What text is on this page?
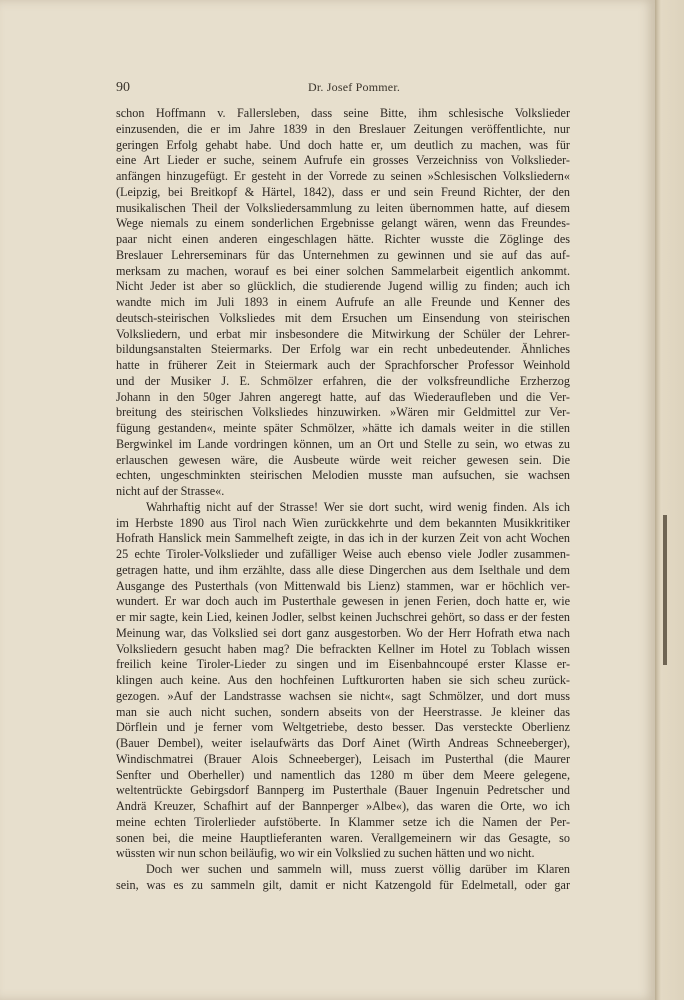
90	Dr. Josef Pommer.
schon Hoffmann v. Fallersleben, dass seine Bitte, ihm schlesische Volkslieder
einzusenden, die er im Jahre 1839 in den Breslauer Zeitungen veröffentlichte, nur
geringen Erfolg gehabt habe. Und doch hatte er, um deutlich zu machen, was für
eine Art Lieder er suche, seinem Aufrufe ein grosses Verzeichniss von Volkslieder-
anfängen hinzugefügt. Er gesteht in der Vorrede zu seinen »Schlesischen Volksliedern«
(Leipzig, bei Breitkopf & Härtel, 1842), dass er und sein Freund Richter, der den
musikalischen Theil der Volksliedersammlung zu leiten übernommen hatte, auf diesem
Wege niemals zu einem sonderlichen Ergebnisse gelangt wären, wenn das Freundes-
paar nicht einen anderen eingeschlagen hätte. Richter wusste die Zöglinge des
Breslauer Lehrerseminars für das Unternehmen zu gewinnen und sie auf das auf-
merksam zu machen, worauf es bei einer solchen Sammelarbeit eigentlich ankommt.
Nicht Jeder ist aber so glücklich, die studierende Jugend willig zu finden; auch ich
wandte mich im Juli 1893 in einem Aufrufe an alle Freunde und Kenner des
deutsch-steirischen Volksliedes mit dem Ersuchen um Einsendung von steirischen
Volksliedern, und erbat mir insbesondere die Mitwirkung der Schüler der Lehrer-
bildungsanstalten Steiermarks. Der Erfolg war ein recht unbedeutender. Ähnliches
hatte in früherer Zeit in Steiermark auch der Sprachforscher Professor Weinhold
und der Musiker J. E. Schmölzer erfahren, die der volksfreundliche Erzherzog
Johann in den 50ger Jahren angeregt hatte, auf das Wiederaufleben und die Ver-
breitung des steirischen Volksliedes hinzuwirken. »Wären mir Geldmittel zur Ver-
fügung gestanden«, meinte später Schmölzer, »hätte ich damals weiter in die stillen
Bergwinkel im Lande vordringen können, um an Ort und Stelle zu sein, wo etwas zu
erlauschen gewesen wäre, die Ausbeute würde weit reicher gewesen sein. Die
echten, ungeschminkten steirischen Melodien musste man aufsuchen, sie wachsen
nicht auf der Strasse«.
Wahrhaftig nicht auf der Strasse! Wer sie dort sucht, wird wenig finden. Als ich
im Herbste 1890 aus Tirol nach Wien zurückkehrte und dem bekannten Musikkritiker
Hofrath Hanslick mein Sammelheft zeigte, in das ich in der kurzen Zeit von acht Wochen
25 echte Tiroler-Volkslieder und zufälliger Weise auch ebenso viele Jodler zusammen-
getragen hatte, und ihm erzählte, dass alle diese Dingerchen aus dem Iselthale und dem
Ausgange des Pusterthals (von Mittenwald bis Lienz) stammen, war er höchlich ver-
wundert. Er war doch auch im Pusterthale gewesen in jenen Ferien, doch hatte er, wie
er mir sagte, kein Lied, keinen Jodler, selbst keinen Juchschrei gehört, so dass er der festen
Meinung war, das Volkslied sei dort ganz ausgestorben. Wo der Herr Hofrath etwa nach
Volksliedern gesucht haben mag? Die befrackten Kellner im Hotel zu Toblach wissen
freilich keine Tiroler-Lieder zu singen und im Eisenbahncoupé erster Klasse er-
klingen auch keine. Aus den hochfeinen Luftkurorten haben sie sich scheu zurück-
gezogen. »Auf der Landstrasse wachsen sie nicht«, sagt Schmölzer, und dort muss
man sie auch nicht suchen, sondern abseits von der Heerstrasse. Je kleiner das
Dörflein und je ferner vom Weltgetriebe, desto besser. Das versteckte Oberlienz
(Bauer Dembel), weiter iselaufwärts das Dorf Ainet (Wirth Andreas Schneeberger),
Windischmatrei (Brauer Alois Schneeberger), Leisach im Pusterthal (die Maurer
Senfter und Oberheller) und namentlich das 1280 m über dem Meere gelegene,
weltentrückte Gebirgsdorf Bannperg im Pusterthale (Bauer Ingenuin Pedretscher und
Andrä Kreuzer, Schafhirt auf der Bannperger »Albe«), das waren die Orte, wo ich
meine echten Tirolerlieder aufstöberte. In Klammer setze ich die Namen der Per-
sonen bei, die meine Hauptlieferanten waren. Verallgemeinern wir das Gesagte, so
wüssten wir nun schon beiläufig, wo wir ein Volkslied zu suchen hätten und wo nicht.
Doch wer suchen und sammeln will, muss zuerst völlig darüber im Klaren
sein, was es zu sammeln gilt, damit er nicht Katzengold für Edelmetall, oder gar
